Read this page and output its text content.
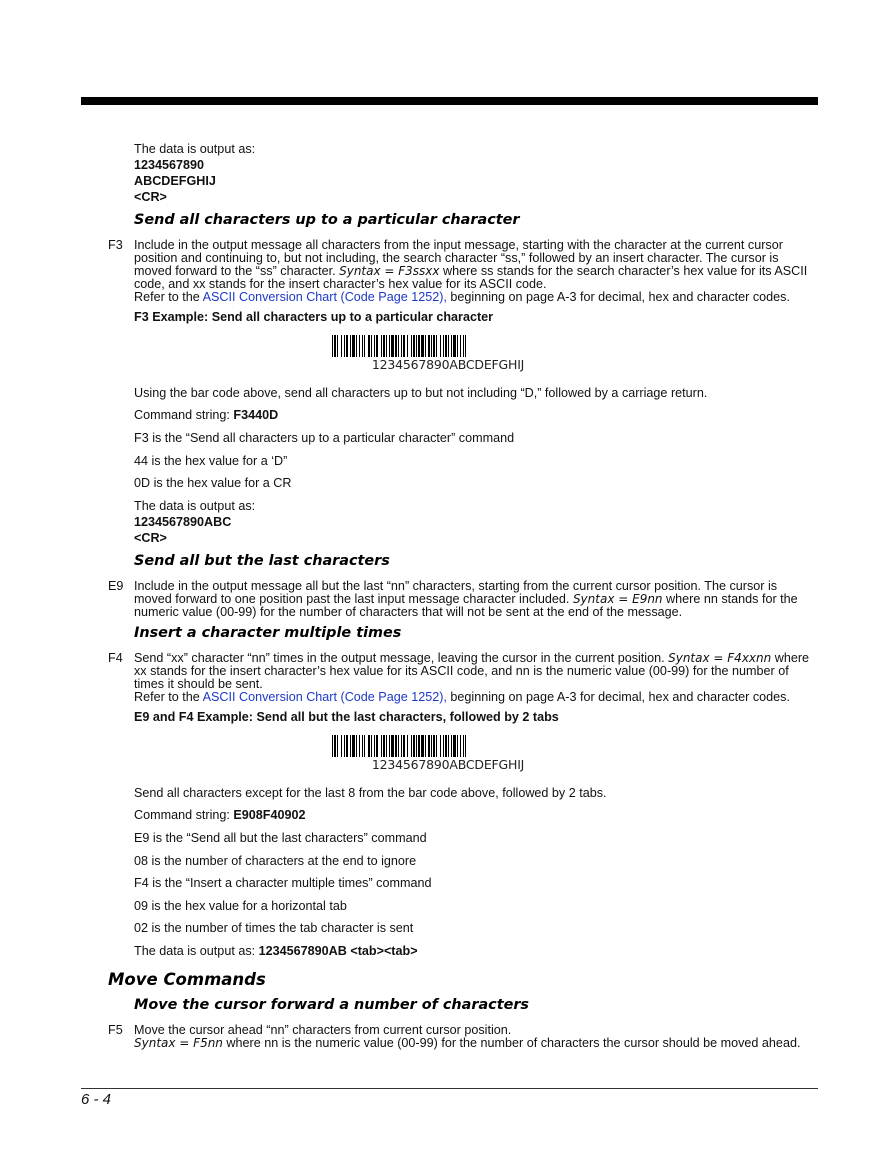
The data is output as:
1234567890
ABCDEFGHIJ
<CR>
Send all characters up to a particular character
F3 Include in the output message all characters from the input message, starting with the character at the current cursor
position and continuing to, but not including, the search character “ss,” followed by an insert character. The cursor is
moved forward to the “ss” character. Syntax = F3ssxx where ss stands for the search character’s hex value for its ASCII
code, and xx stands for the insert character’s hex value for its ASCII code.
Refer to the ASCII Conversion Chart (Code Page 1252), beginning on page A-3 for decimal, hex and character codes.
F3 Example: Send all characters up to a particular character
1234567890ABCDEFGHIJ
Using the bar code above, send all characters up to but not including “D,” followed by a carriage return.
Command string: F3440D
F3 is the “Send all characters up to a particular character” command
44 is the hex value for a ‘D”
0D is the hex value for a CR
The data is output as:
1234567890ABC
<CR>
Send all but the last characters
E9 Include in the output message all but the last “nn” characters, starting from the current cursor position. The cursor is
moved forward to one position past the last input message character included. Syntax = E9nn where nn stands for the
numeric value (00-99) for the number of characters that will not be sent at the end of the message.
Insert a character multiple times
F4 Send “xx” character “nn” times in the output message, leaving the cursor in the current position. Syntax = F4xxnn where
xx stands for the insert character’s hex value for its ASCII code, and nn is the numeric value (00-99) for the number of
times it should be sent.
Refer to the ASCII Conversion Chart (Code Page 1252), beginning on page A-3 for decimal, hex and character codes.
E9 and F4 Example: Send all but the last characters, followed by 2 tabs
1234567890ABCDEFGHIJ
Send all characters except for the last 8 from the bar code above, followed by 2 tabs.
Command string: E908F40902
E9 is the “Send all but the last characters” command
08 is the number of characters at the end to ignore
F4 is the “Insert a character multiple times” command
09 is the hex value for a horizontal tab
02 is the number of times the tab character is sent
The data is output as: 1234567890AB <tab><tab>
Move Commands
Move the cursor forward a number of characters
F5 Move the cursor ahead “nn” characters from current cursor position.
Syntax = F5nn where nn is the numeric value (00-99) for the number of characters the cursor should be moved ahead.
6 - 4
